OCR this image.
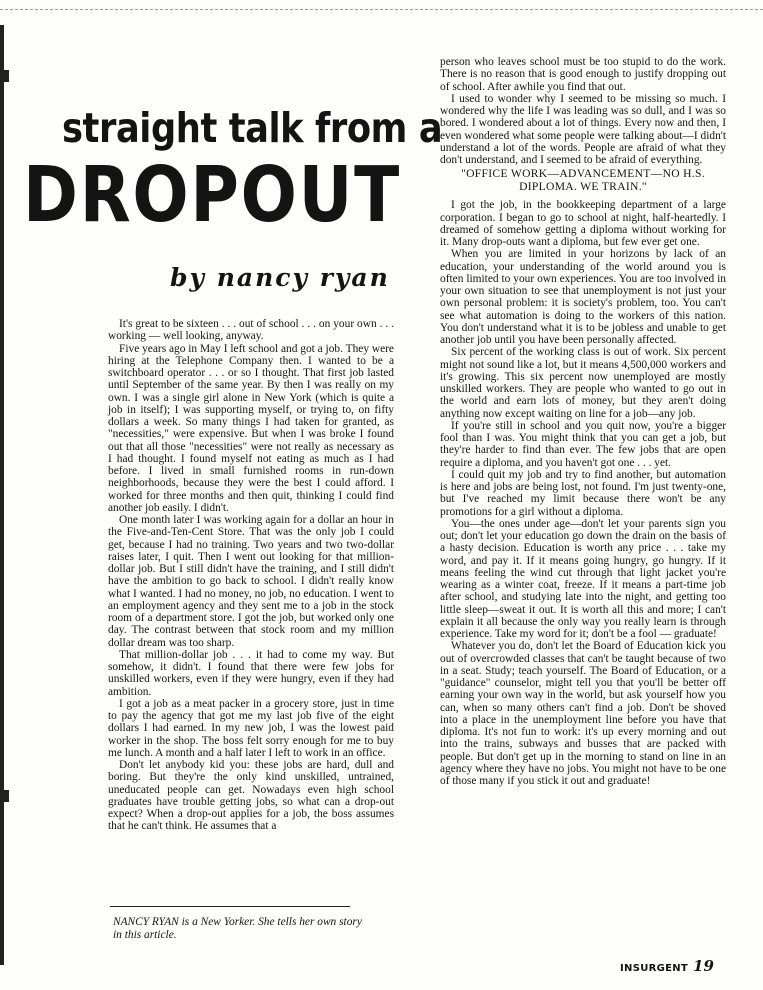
straight talk from a
DROPOUT
by nancy ryan

It's great to be sixteen . . . out of school . . . on your own . . . working — well looking, anyway.

Five years ago in May I left school and got a job. They were hiring at the Telephone Company then. I wanted to be a switchboard operator . . . or so I thought. That first job lasted until September of the same year. By then I was really on my own. I was a single girl alone in New York (which is quite a job in itself); I was supporting myself, or trying to, on fifty dollars a week. So many things I had taken for granted, as "necessities," were expensive. But when I was broke I found out that all those "necessities" were not really as necessary as I had thought. I found myself not eating as much as I had before. I lived in small furnished rooms in run-down neighborhoods, because they were the best I could afford. I worked for three months and then quit, thinking I could find another job easily. I didn't.

One month later I was working again for a dollar an hour in the Five-and-Ten-Cent Store. That was the only job I could get, because I had no training. Two years and two two-dollar raises later, I quit. Then I went out looking for that million-dollar job. But I still didn't have the training, and I still didn't have the ambition to go back to school. I didn't really know what I wanted. I had no money, no job, no education. I went to an employment agency and they sent me to a job in the stock room of a department store. I got the job, but worked only one day. The contrast between that stock room and my million dollar dream was too sharp.

That million-dollar job . . . it had to come my way. But somehow, it didn't. I found that there were few jobs for unskilled workers, even if they were hungry, even if they had ambition.

I got a job as a meat packer in a grocery store, just in time to pay the agency that got me my last job five of the eight dollars I had earned. In my new job, I was the lowest paid worker in the shop. The boss felt sorry enough for me to buy me lunch. A month and a half later I left to work in an office.

Don't let anybody kid you: these jobs are hard, dull and boring. But they're the only kind unskilled, untrained, uneducated people can get. Nowadays even high school graduates have trouble getting jobs, so what can a drop-out expect? When a drop-out applies for a job, the boss assumes that he can't think. He assumes that a

NANCY RYAN is a New Yorker. She tells her own story in this article.

person who leaves school must be too stupid to do the work. There is no reason that is good enough to justify dropping out of school. After awhile you find that out.

I used to wonder why I seemed to be missing so much. I wondered why the life I was leading was so dull, and I was so bored. I wondered about a lot of things. Every now and then, I even wondered what some people were talking about—I didn't understand a lot of the words. People are afraid of what they don't understand, and I seemed to be afraid of everything.

"OFFICE WORK—ADVANCEMENT—NO H.S. DIPLOMA. WE TRAIN."

I got the job, in the bookkeeping department of a large corporation. I began to go to school at night, half-heartedly. I dreamed of somehow getting a diploma without working for it. Many drop-outs want a diploma, but few ever get one.

When you are limited in your horizons by lack of an education, your understanding of the world around you is often limited to your own experiences. You are too involved in your own situation to see that unemployment is not just your own personal problem: it is society's problem, too. You can't see what automation is doing to the workers of this nation. You don't understand what it is to be jobless and unable to get another job until you have been personally affected.

Six percent of the working class is out of work. Six percent might not sound like a lot, but it means 4,500,000 workers and it's growing. This six percent now unemployed are mostly unskilled workers. They are people who wanted to go out in the world and earn lots of money, but they aren't doing anything now except waiting on line for a job—any job.

If you're still in school and you quit now, you're a bigger fool than I was. You might think that you can get a job, but they're harder to find than ever. The few jobs that are open require a diploma, and you haven't got one . . . yet.

I could quit my job and try to find another, but automation is here and jobs are being lost, not found. I'm just twenty-one, but I've reached my limit because there won't be any promotions for a girl without a diploma.

You—the ones under age—don't let your parents sign you out; don't let your education go down the drain on the basis of a hasty decision. Education is worth any price . . . take my word, and pay it. If it means going hungry, go hungry. If it means feeling the wind cut through that light jacket you're wearing as a winter coat, freeze. If it means a part-time job after school, and studying late into the night, and getting too little sleep—sweat it out. It is worth all this and more; I can't explain it all because the only way you really learn is through experience. Take my word for it; don't be a fool — graduate!

Whatever you do, don't let the Board of Education kick you out of overcrowded classes that can't be taught because of two in a seat. Study; teach yourself. The Board of Education, or a "guidance" counselor, might tell you that you'll be better off earning your own way in the world, but ask yourself how you can, when so many others can't find a job. Don't be shoved into a place in the unemployment line before you have that diploma. It's not fun to work: it's up every morning and out into the trains, subways and busses that are packed with people. But don't get up in the morning to stand on line in an agency where they have no jobs. You might not have to be one of those many if you stick it out and graduate!

INSURGENT 19
